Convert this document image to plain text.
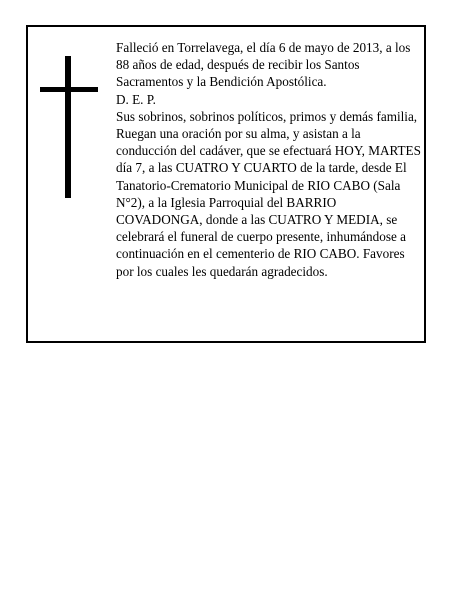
Falleció en Torrelavega, el día 6 de mayo de 2013, a los 88 años de edad, después de recibir los Santos Sacramentos y la Bendición Apostólica.

D. E. P.

Sus sobrinos, sobrinos políticos, primos y demás familia,

Ruegan una oración por su alma, y asistan a la conducción del cadáver, que se efectuará HOY, MARTES día 7, a las CUATRO Y CUARTO de la tarde, desde El Tanatorio-Crematorio Municipal de RIO CABO (Sala N°2), a la Iglesia Parroquial del BARRIO COVADONGA, donde a las CUATRO Y MEDIA, se celebrará el funeral de cuerpo presente, inhumándose a continuación en el cementerio de RIO CABO. Favores por los cuales les quedarán agradecidos.
